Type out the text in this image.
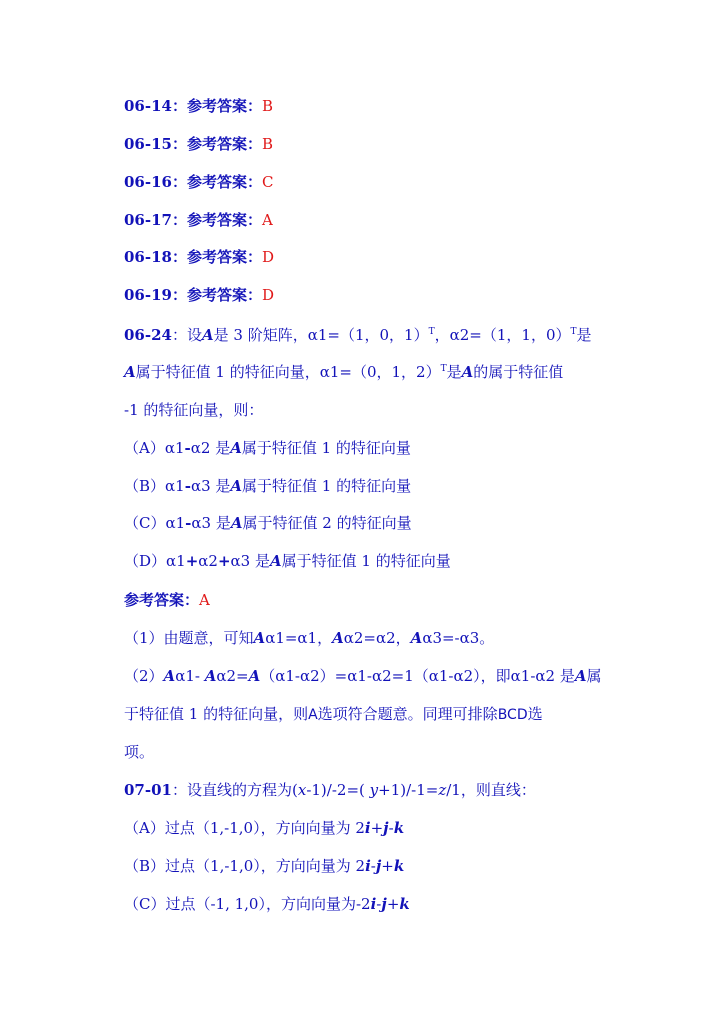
06-14：参考答案：B
06-15：参考答案：B
06-16：参考答案：C
06-17：参考答案：A
06-18：参考答案：D
06-19：参考答案：D
06-24：设A是 3 阶矩阵，α1=（1，0，1）$^T$，α2=（1，1，0）$^T$是
A属于特征值 1 的特征向量，α1=（0，1，2）$^T$是A的属于特征值
-1 的特征向量，则：
（A）α1-α2 是A属于特征值 1 的特征向量
（B）α1-α3 是A属于特征值 1 的特征向量
（C）α1-α3 是A属于特征值 2 的特征向量
（D）α1+α2+α3 是A属于特征值 1 的特征向量
参考答案：A
（1）由题意，可知Aα1=α1，Aα2=α2，Aα3=-α3。
（2）Aα1- Aα2=A（α1-α2）=α1-α2=1（α1-α2），即α1-α2 是A属
于特征值 1 的特征向量，则A选项符合题意。同理可排除BCD选
项。
07-01：设直线的方程为(x-1)/-2=( y+1)/-1=z/1，则直线：
（A）过点（1,-1,0），方向向量为 2i+j-k
（B）过点（1,-1,0），方向向量为 2i-j+k
（C）过点（-1, 1,0），方向向量为-2i-j+k
